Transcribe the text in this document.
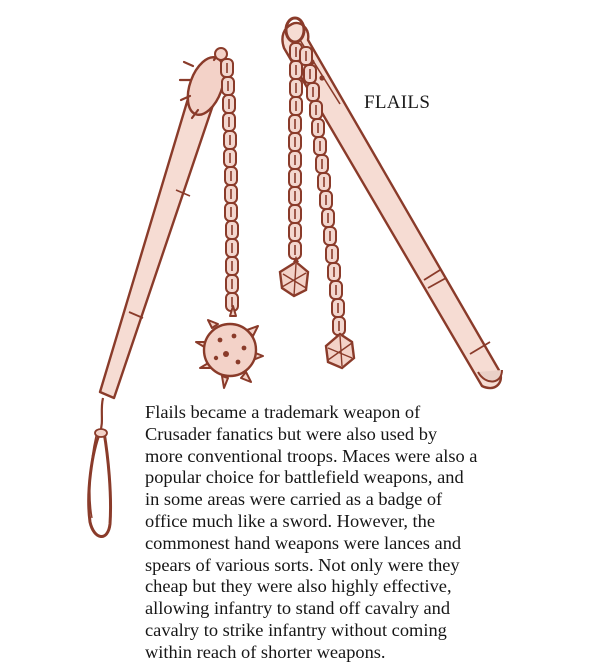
FLAILS
Flails became a trademark weapon of
Crusader fanatics but were also used by
more conventional troops. Maces were also a
popular choice for battlefield weapons, and
in some areas were carried as a badge of
office much like a sword. However, the
commonest hand weapons were lances and
spears of various sorts. Not only were they
cheap but they were also highly effective,
allowing infantry to stand off cavalry and
cavalry to strike infantry without coming
within reach of shorter weapons.
